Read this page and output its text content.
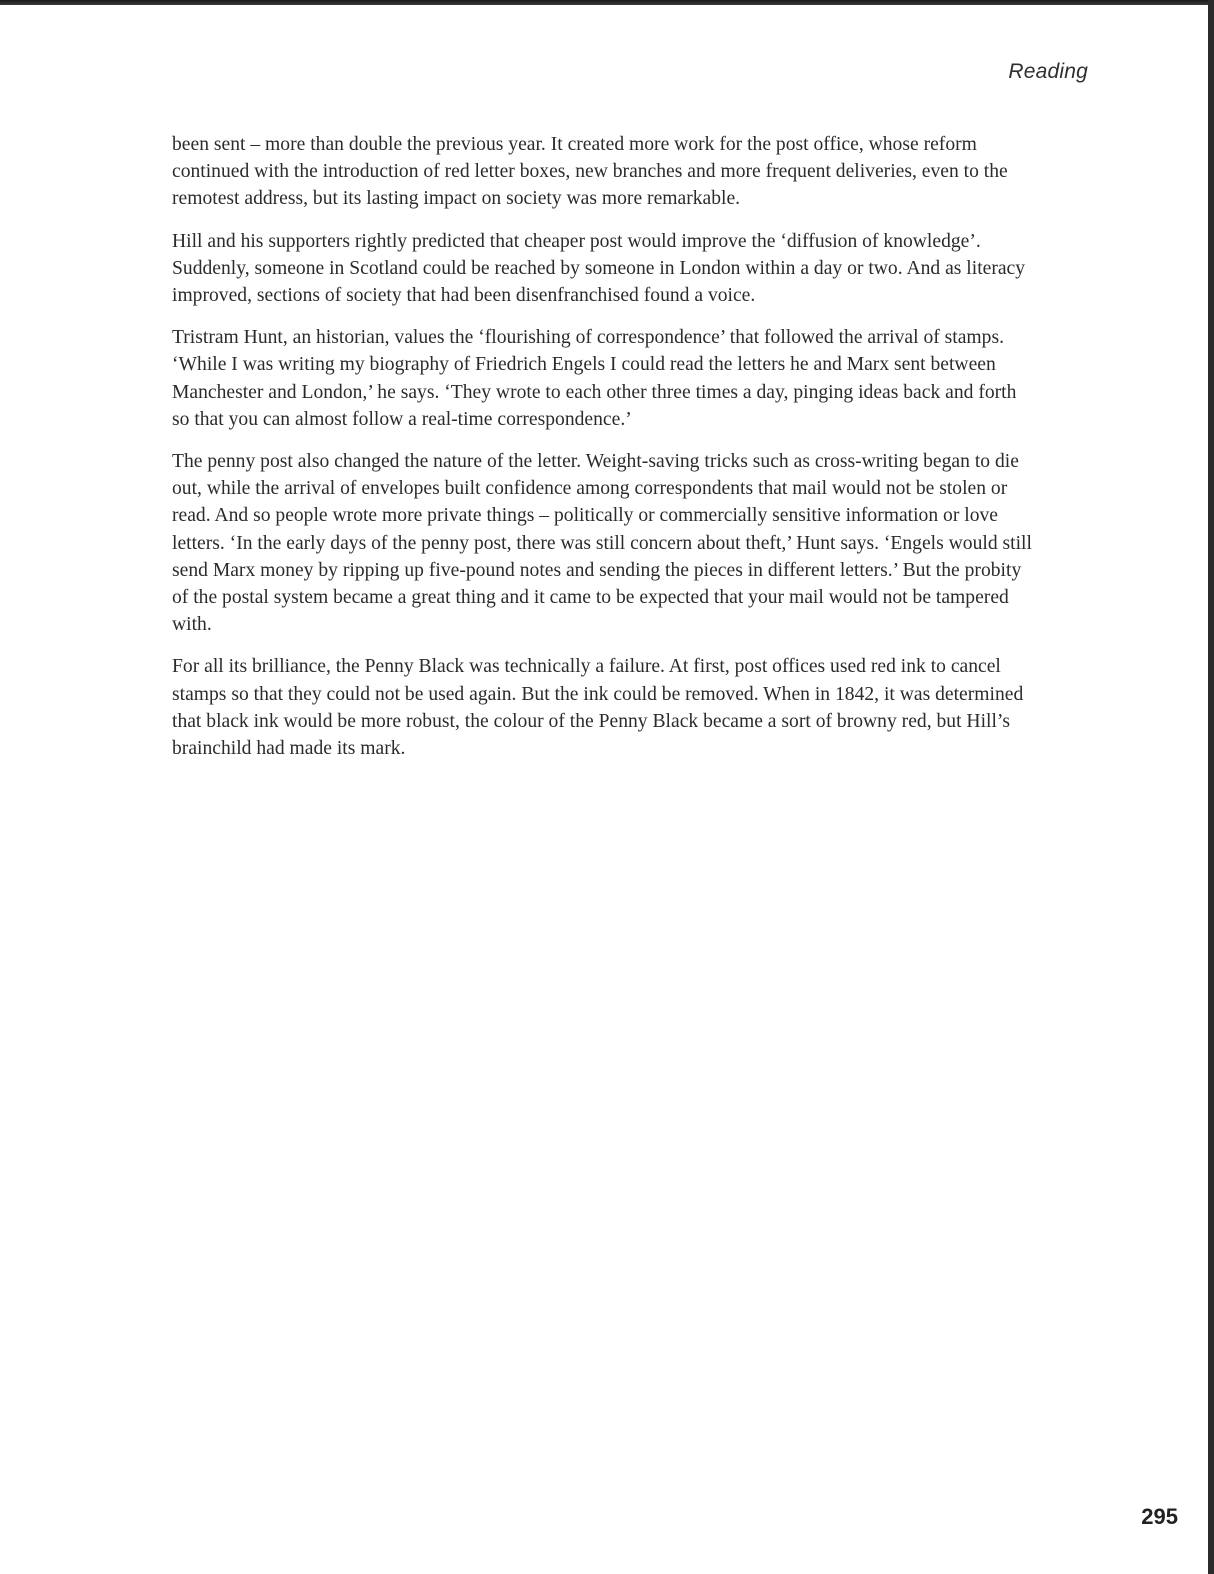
Reading

been sent – more than double the previous year. It created more work for the post office, whose reform continued with the introduction of red letter boxes, new branches and more frequent deliveries, even to the remotest address, but its lasting impact on society was more remarkable.

Hill and his supporters rightly predicted that cheaper post would improve the ‘diffusion of knowledge’. Suddenly, someone in Scotland could be reached by someone in London within a day or two. And as literacy improved, sections of society that had been disenfranchised found a voice.

Tristram Hunt, an historian, values the ‘flourishing of correspondence’ that followed the arrival of stamps. ‘While I was writing my biography of Friedrich Engels I could read the letters he and Marx sent between Manchester and London,’ he says. ‘They wrote to each other three times a day, pinging ideas back and forth so that you can almost follow a real-time correspondence.’

The penny post also changed the nature of the letter. Weight-saving tricks such as cross-writing began to die out, while the arrival of envelopes built confidence among correspondents that mail would not be stolen or read. And so people wrote more private things – politically or commercially sensitive information or love letters. ‘In the early days of the penny post, there was still concern about theft,’ Hunt says. ‘Engels would still send Marx money by ripping up five-pound notes and sending the pieces in different letters.’ But the probity of the postal system became a great thing and it came to be expected that your mail would not be tampered with.

For all its brilliance, the Penny Black was technically a failure. At first, post offices used red ink to cancel stamps so that they could not be used again. But the ink could be removed. When in 1842, it was determined that black ink would be more robust, the colour of the Penny Black became a sort of browny red, but Hill’s brainchild had made its mark.

295
